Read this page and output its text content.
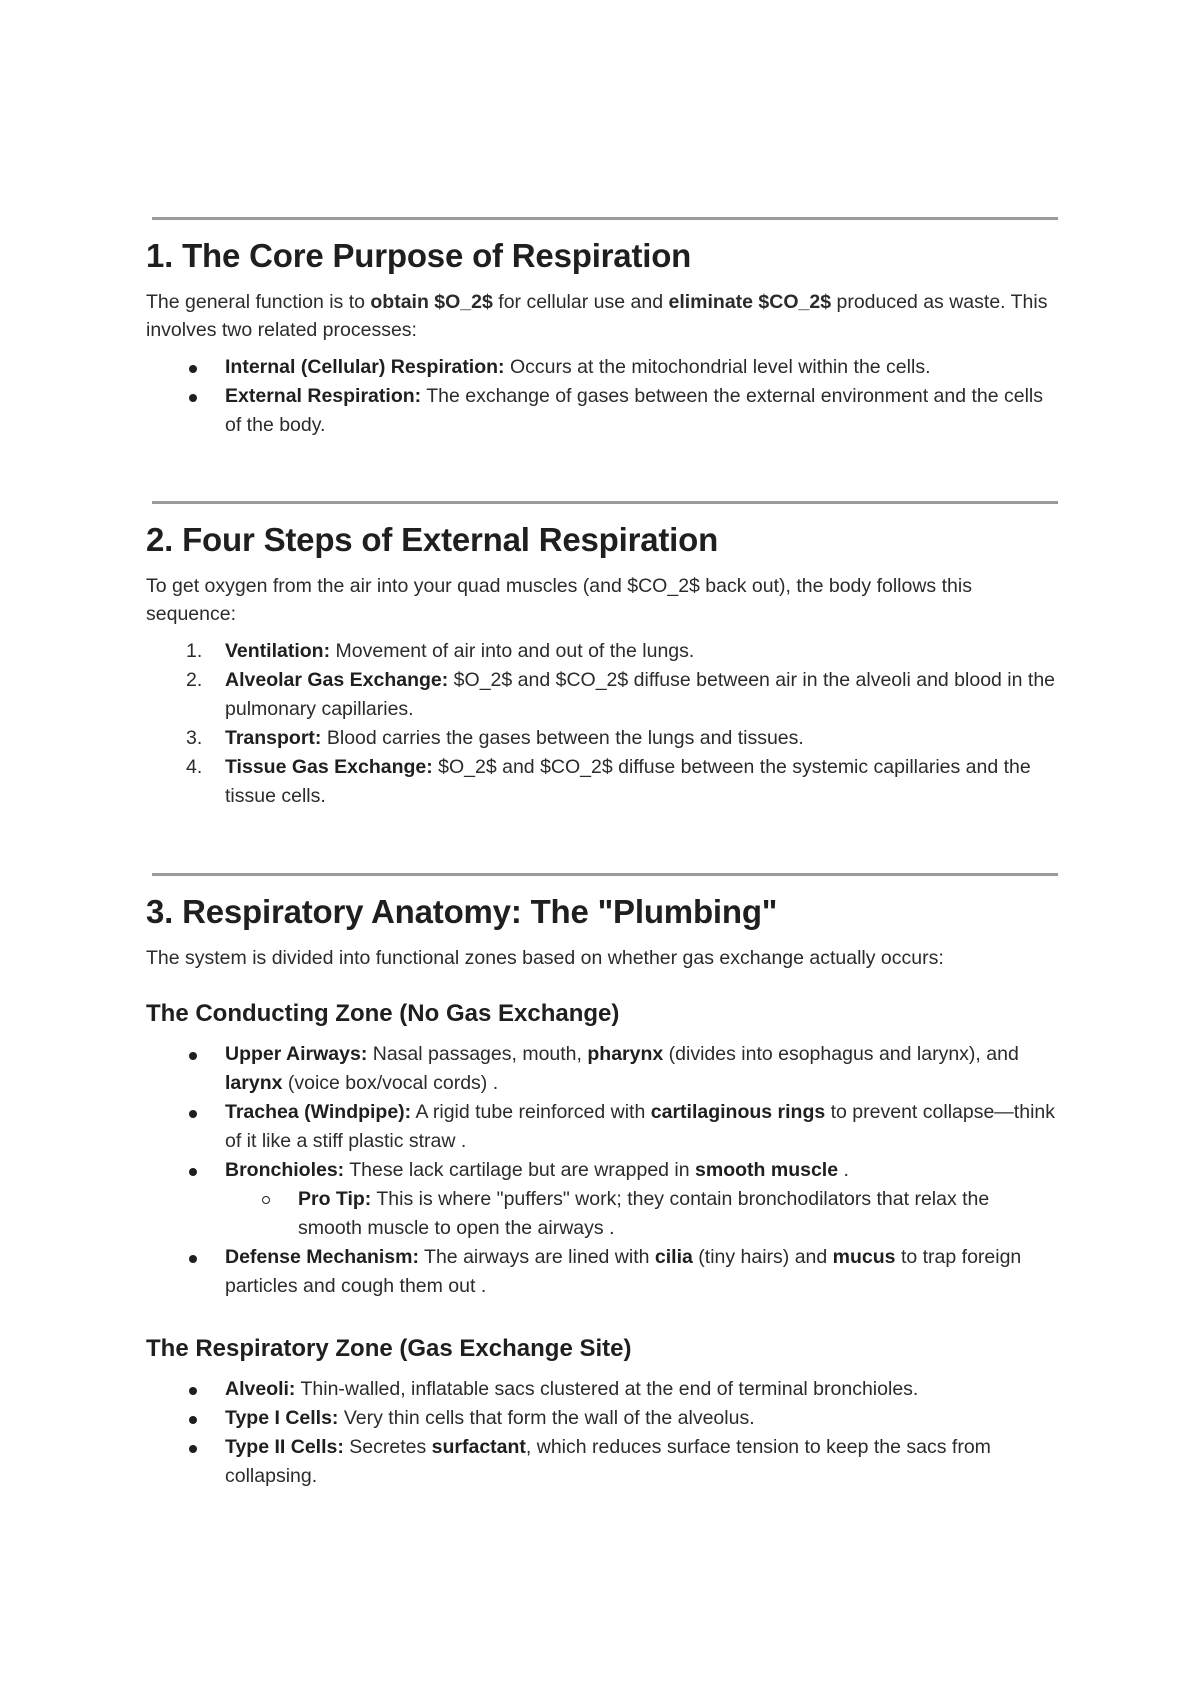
1. The Core Purpose of Respiration

The general function is to obtain $O_2$ for cellular use and eliminate $CO_2$ produced as waste. This involves two related processes:

Internal (Cellular) Respiration: Occurs at the mitochondrial level within the cells.
External Respiration: The exchange of gases between the external environment and the cells of the body.
2. Four Steps of External Respiration

To get oxygen from the air into your quad muscles (and $CO_2$ back out), the body follows this sequence:

1.	Ventilation: Movement of air into and out of the lungs.
2.	Alveolar Gas Exchange: $O_2$ and $CO_2$ diffuse between air in the alveoli and blood in the pulmonary capillaries.
3.	Transport: Blood carries the gases between the lungs and tissues.
4.	Tissue Gas Exchange: $O_2$ and $CO_2$ diffuse between the systemic capillaries and the tissue cells.
3. Respiratory Anatomy: The "Plumbing"

The system is divided into functional zones based on whether gas exchange actually occurs:

The Conducting Zone (No Gas Exchange)
Upper Airways: Nasal passages, mouth, pharynx (divides into esophagus and larynx), and larynx (voice box/vocal cords) .
Trachea (Windpipe): A rigid tube reinforced with cartilaginous rings to prevent collapse—think of it like a stiff plastic straw .
Bronchioles: These lack cartilage but are wrapped in smooth muscle .
Pro Tip: This is where "puffers" work; they contain bronchodilators that relax the smooth muscle to open the airways .
Defense Mechanism: The airways are lined with cilia (tiny hairs) and mucus to trap foreign particles and cough them out .
The Respiratory Zone (Gas Exchange Site)
Alveoli: Thin-walled, inflatable sacs clustered at the end of terminal bronchioles.
Type I Cells: Very thin cells that form the wall of the alveolus.
Type II Cells: Secretes surfactant, which reduces surface tension to keep the sacs from collapsing.
